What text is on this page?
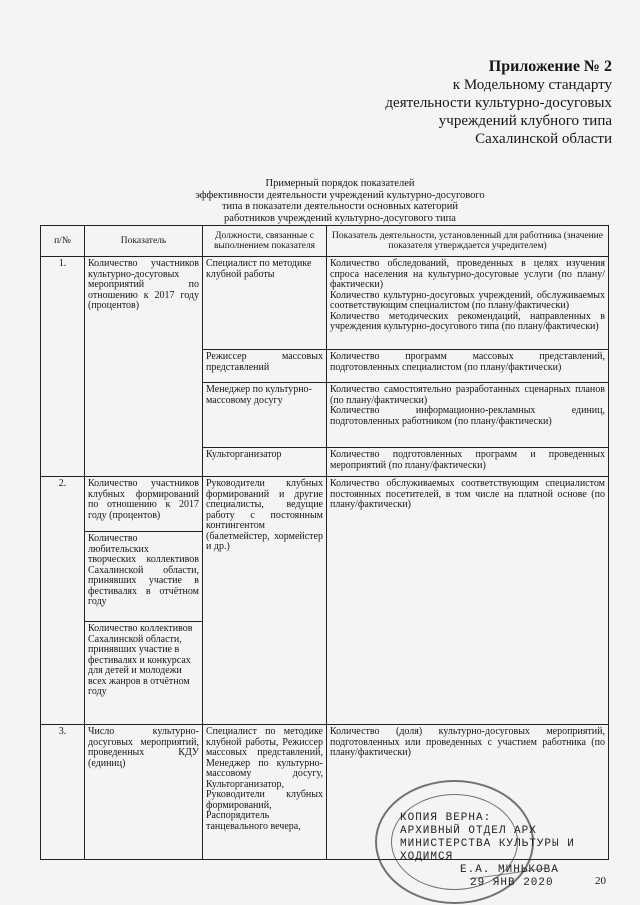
Приложение № 2
к Модельному стандарту
деятельности культурно-досуговых
учреждений клубного типа
Сахалинской области
Примерный порядок показателей
эффективности деятельности учреждений культурно-досугового
типа в показатели деятельности основных категорий
работников учреждений культурно-досугового типа
п/№	Показатель	Должности, связанные с выполнением показателя	Показатель деятельности, установленный для работника (значение показателя утверждается учредителем)
1.	Количество участников культурно-досуговых мероприятий по отношению к 2017 году (процентов)	Специалист по методике клубной работы	Количество обследований, проведенных в целях изучения спроса населения на культурно-досуговые услуги (по плану/фактически)
Количество культурно-досуговых учреждений, обслуживаемых соответствующим специалистом (по плану/фактически)
Количество методических рекомендаций, направленных в учреждения культурно-досугового типа (по плану/фактически)

		Режиссер массовых представлений	Количество программ массовых представлений, подготовленных специалистом (по плану/фактически)
		Менеджер по культурно-массовому досугу	Количество самостоятельно разработанных сценарных планов (по плану/фактически)
Количество информационно-рекламных единиц, подготовленных работником (по плану/фактически)

		Культорганизатор	Количество подготовленных программ и проведенных мероприятий (по плану/фактически)
2.	Количество участников клубных формирований по отношению к 2017 году (процентов)	Руководители клубных формирований и другие специалисты, ведущие работу с постоянным контингентом (балетмейстер, хормейстер и др.)	Количество обслуживаемых соответствующим специалистом постоянных посетителей, в том числе на платной основе (по плану/фактически)
	Количество любительских творческих коллективов Сахалинской области, принявших участие в фестивалях в отчётном году		
	Количество коллективов Сахалинской области, принявших участие в фестивалях и конкурсах для детей и молодежи всех жанров в отчётном году		
3.	Число культурно-досуговых мероприятий, проведенных КДУ (единиц)	Специалист по методике клубной работы, Режиссер массовых представлений, Менеджер по культурно-массовому досугу, Культорганизатор, Руководители клубных формирований, Распорядитель танцевального вечера,	Количество (доля) культурно-досуговых мероприятий, подготовленных или проведенных с участием работника (по плану/фактически)
КОПИЯ ВЕРНА:
АРХИВНЫЙ ОТДЕЛ АРХ
МИНИСТЕРСТВА КУЛЬТУРЫ И
ХОДИМСЯ
Е.А. МИНЬКОВА
29 ЯНВ 2020	20
